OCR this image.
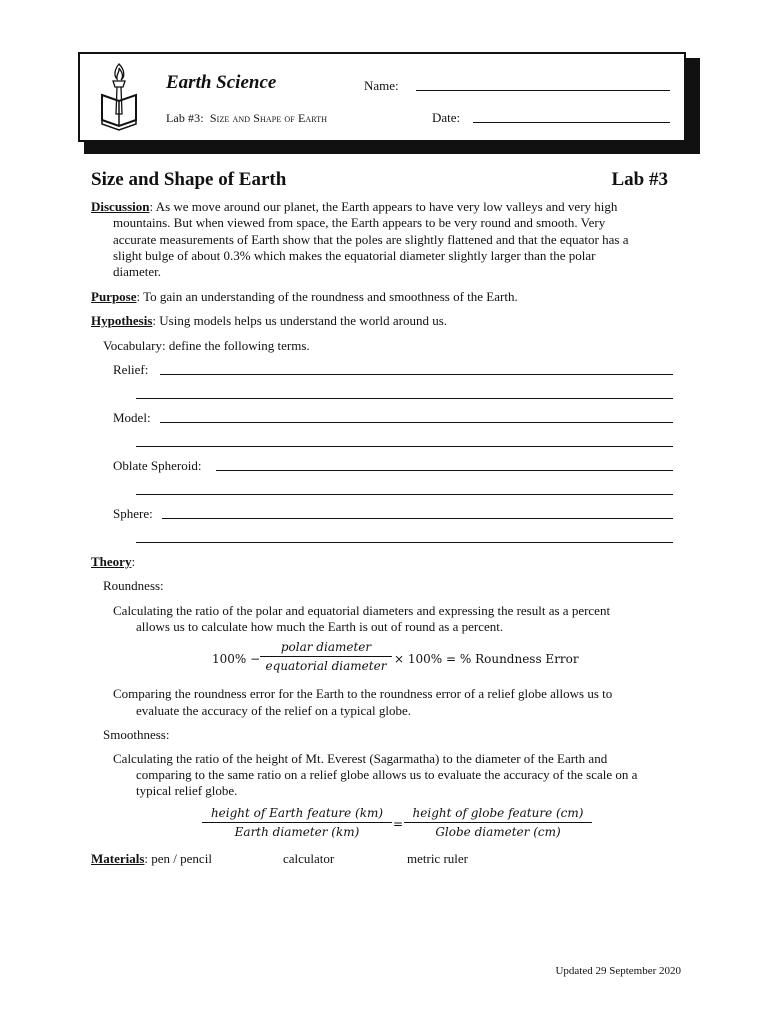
Earth Science
Lab #3: Size and Shape of Earth
Name:
Date:
Size and Shape of Earth	Lab #3
Discussion: As we move around our planet, the Earth appears to have very low valleys and very high
mountains. But when viewed from space, the Earth appears to be very round and smooth. Very
accurate measurements of Earth show that the poles are slightly flattened and that the equator has a
slight bulge of about 0.3% which makes the equatorial diameter slightly larger than the polar
diameter.
Purpose: To gain an understanding of the roundness and smoothness of the Earth.
Hypothesis: Using models helps us understand the world around us.
Vocabulary: define the following terms.
Relief:
Model:
Oblate Spheroid:
Sphere:
Theory:
Roundness:
Calculating the ratio of the polar and equatorial diameters and expressing the result as a percent
allows us to calculate how much the Earth is out of round as a percent.
100% −
polar diameter
equatorial diameter × 100% = % Roundness Error
Comparing the roundness error for the Earth to the roundness error of a relief globe allows us to
evaluate the accuracy of the relief on a typical globe.
Smoothness:
Calculating the ratio of the height of Mt. Everest (Sagarmatha) to the diameter of the Earth and
comparing to the same ratio on a relief globe allows us to evaluate the accuracy of the scale on a
typical relief globe.
height of Earth feature (km)
Earth diameter (km)
=
height of globe feature (cm)
Globe diameter (cm)
Materials: pen / pencil	calculator	metric ruler
Updated 29 September 2020
